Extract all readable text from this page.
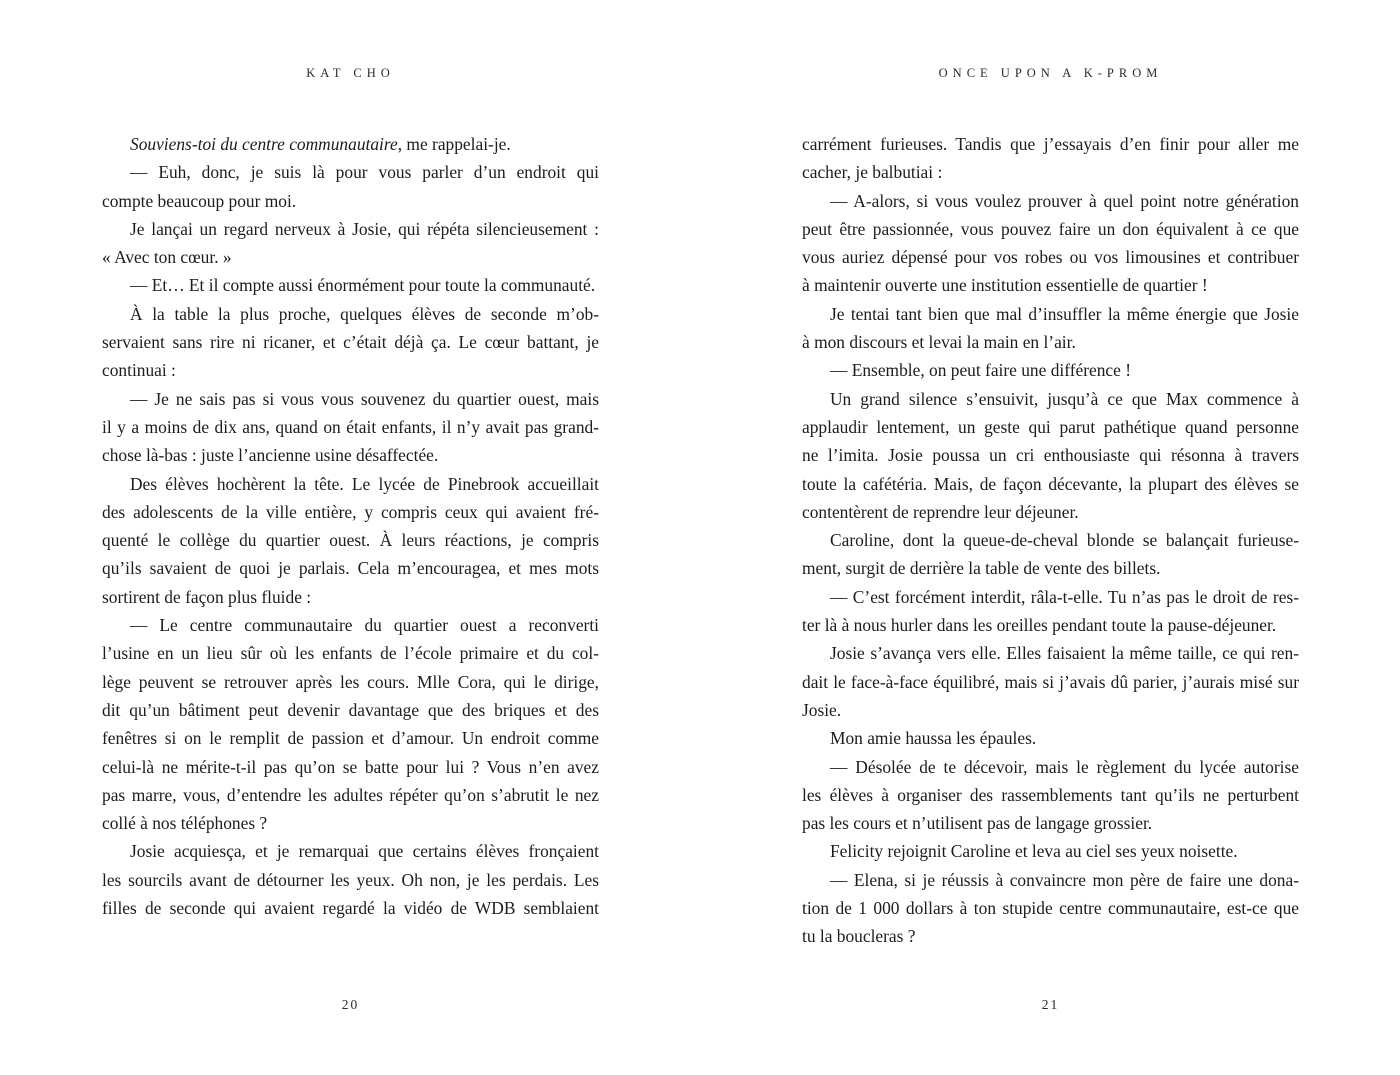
KAT CHO
Souviens-toi du centre communautaire, me rappelai-je.
— Euh, donc, je suis là pour vous parler d’un endroit qui
compte beaucoup pour moi.
Je lançai un regard nerveux à Josie, qui répéta silencieusement :
« Avec ton cœur. »
— Et… Et il compte aussi énormément pour toute la communauté.
À la table la plus proche, quelques élèves de seconde m’ob-
servaient sans rire ni ricaner, et c’était déjà ça. Le cœur battant, je
continuai :
— Je ne sais pas si vous vous souvenez du quartier ouest, mais
il y a moins de dix ans, quand on était enfants, il n’y avait pas grand-
chose là-bas : juste l’ancienne usine désaffectée.
Des élèves hochèrent la tête. Le lycée de Pinebrook accueillait
des adolescents de la ville entière, y compris ceux qui avaient fré-
quenté le collège du quartier ouest. À leurs réactions, je compris
qu’ils savaient de quoi je parlais. Cela m’encouragea, et mes mots
sortirent de façon plus fluide :
— Le centre communautaire du quartier ouest a reconverti
l’usine en un lieu sûr où les enfants de l’école primaire et du col-
lège peuvent se retrouver après les cours. Mlle Cora, qui le dirige,
dit qu’un bâtiment peut devenir davantage que des briques et des
fenêtres si on le remplit de passion et d’amour. Un endroit comme
celui-là ne mérite-t-il pas qu’on se batte pour lui ? Vous n’en avez
pas marre, vous, d’entendre les adultes répéter qu’on s’abrutit le nez
collé à nos téléphones ?
Josie acquiesça, et je remarquai que certains élèves fronçaient
les sourcils avant de détourner les yeux. Oh non, je les perdais. Les
filles de seconde qui avaient regardé la vidéo de WDB semblaient
20
ONCE UPON A K-PROM
carrément furieuses. Tandis que j’essayais d’en finir pour aller me
cacher, je balbutiai :
— A-alors, si vous voulez prouver à quel point notre génération
peut être passionnée, vous pouvez faire un don équivalent à ce que
vous auriez dépensé pour vos robes ou vos limousines et contribuer
à maintenir ouverte une institution essentielle de quartier !
Je tentai tant bien que mal d’insuffler la même énergie que Josie
à mon discours et levai la main en l’air.
— Ensemble, on peut faire une différence !
Un grand silence s’ensuivit, jusqu’à ce que Max commence à
applaudir lentement, un geste qui parut pathétique quand personne
ne l’imita. Josie poussa un cri enthousiaste qui résonna à travers
toute la cafétéria. Mais, de façon décevante, la plupart des élèves se
contentèrent de reprendre leur déjeuner.
Caroline, dont la queue-de-cheval blonde se balançait furieuse-
ment, surgit de derrière la table de vente des billets.
— C’est forcément interdit, râla-t-elle. Tu n’as pas le droit de res-
ter là à nous hurler dans les oreilles pendant toute la pause-déjeuner.
Josie s’avança vers elle. Elles faisaient la même taille, ce qui ren-
dait le face-à-face équilibré, mais si j’avais dû parier, j’aurais misé sur
Josie.
Mon amie haussa les épaules.
— Désolée de te décevoir, mais le règlement du lycée autorise
les élèves à organiser des rassemblements tant qu’ils ne perturbent
pas les cours et n’utilisent pas de langage grossier.
Felicity rejoignit Caroline et leva au ciel ses yeux noisette.
— Elena, si je réussis à convaincre mon père de faire une dona-
tion de 1 000 dollars à ton stupide centre communautaire, est-ce que
tu la boucleras ?
21
